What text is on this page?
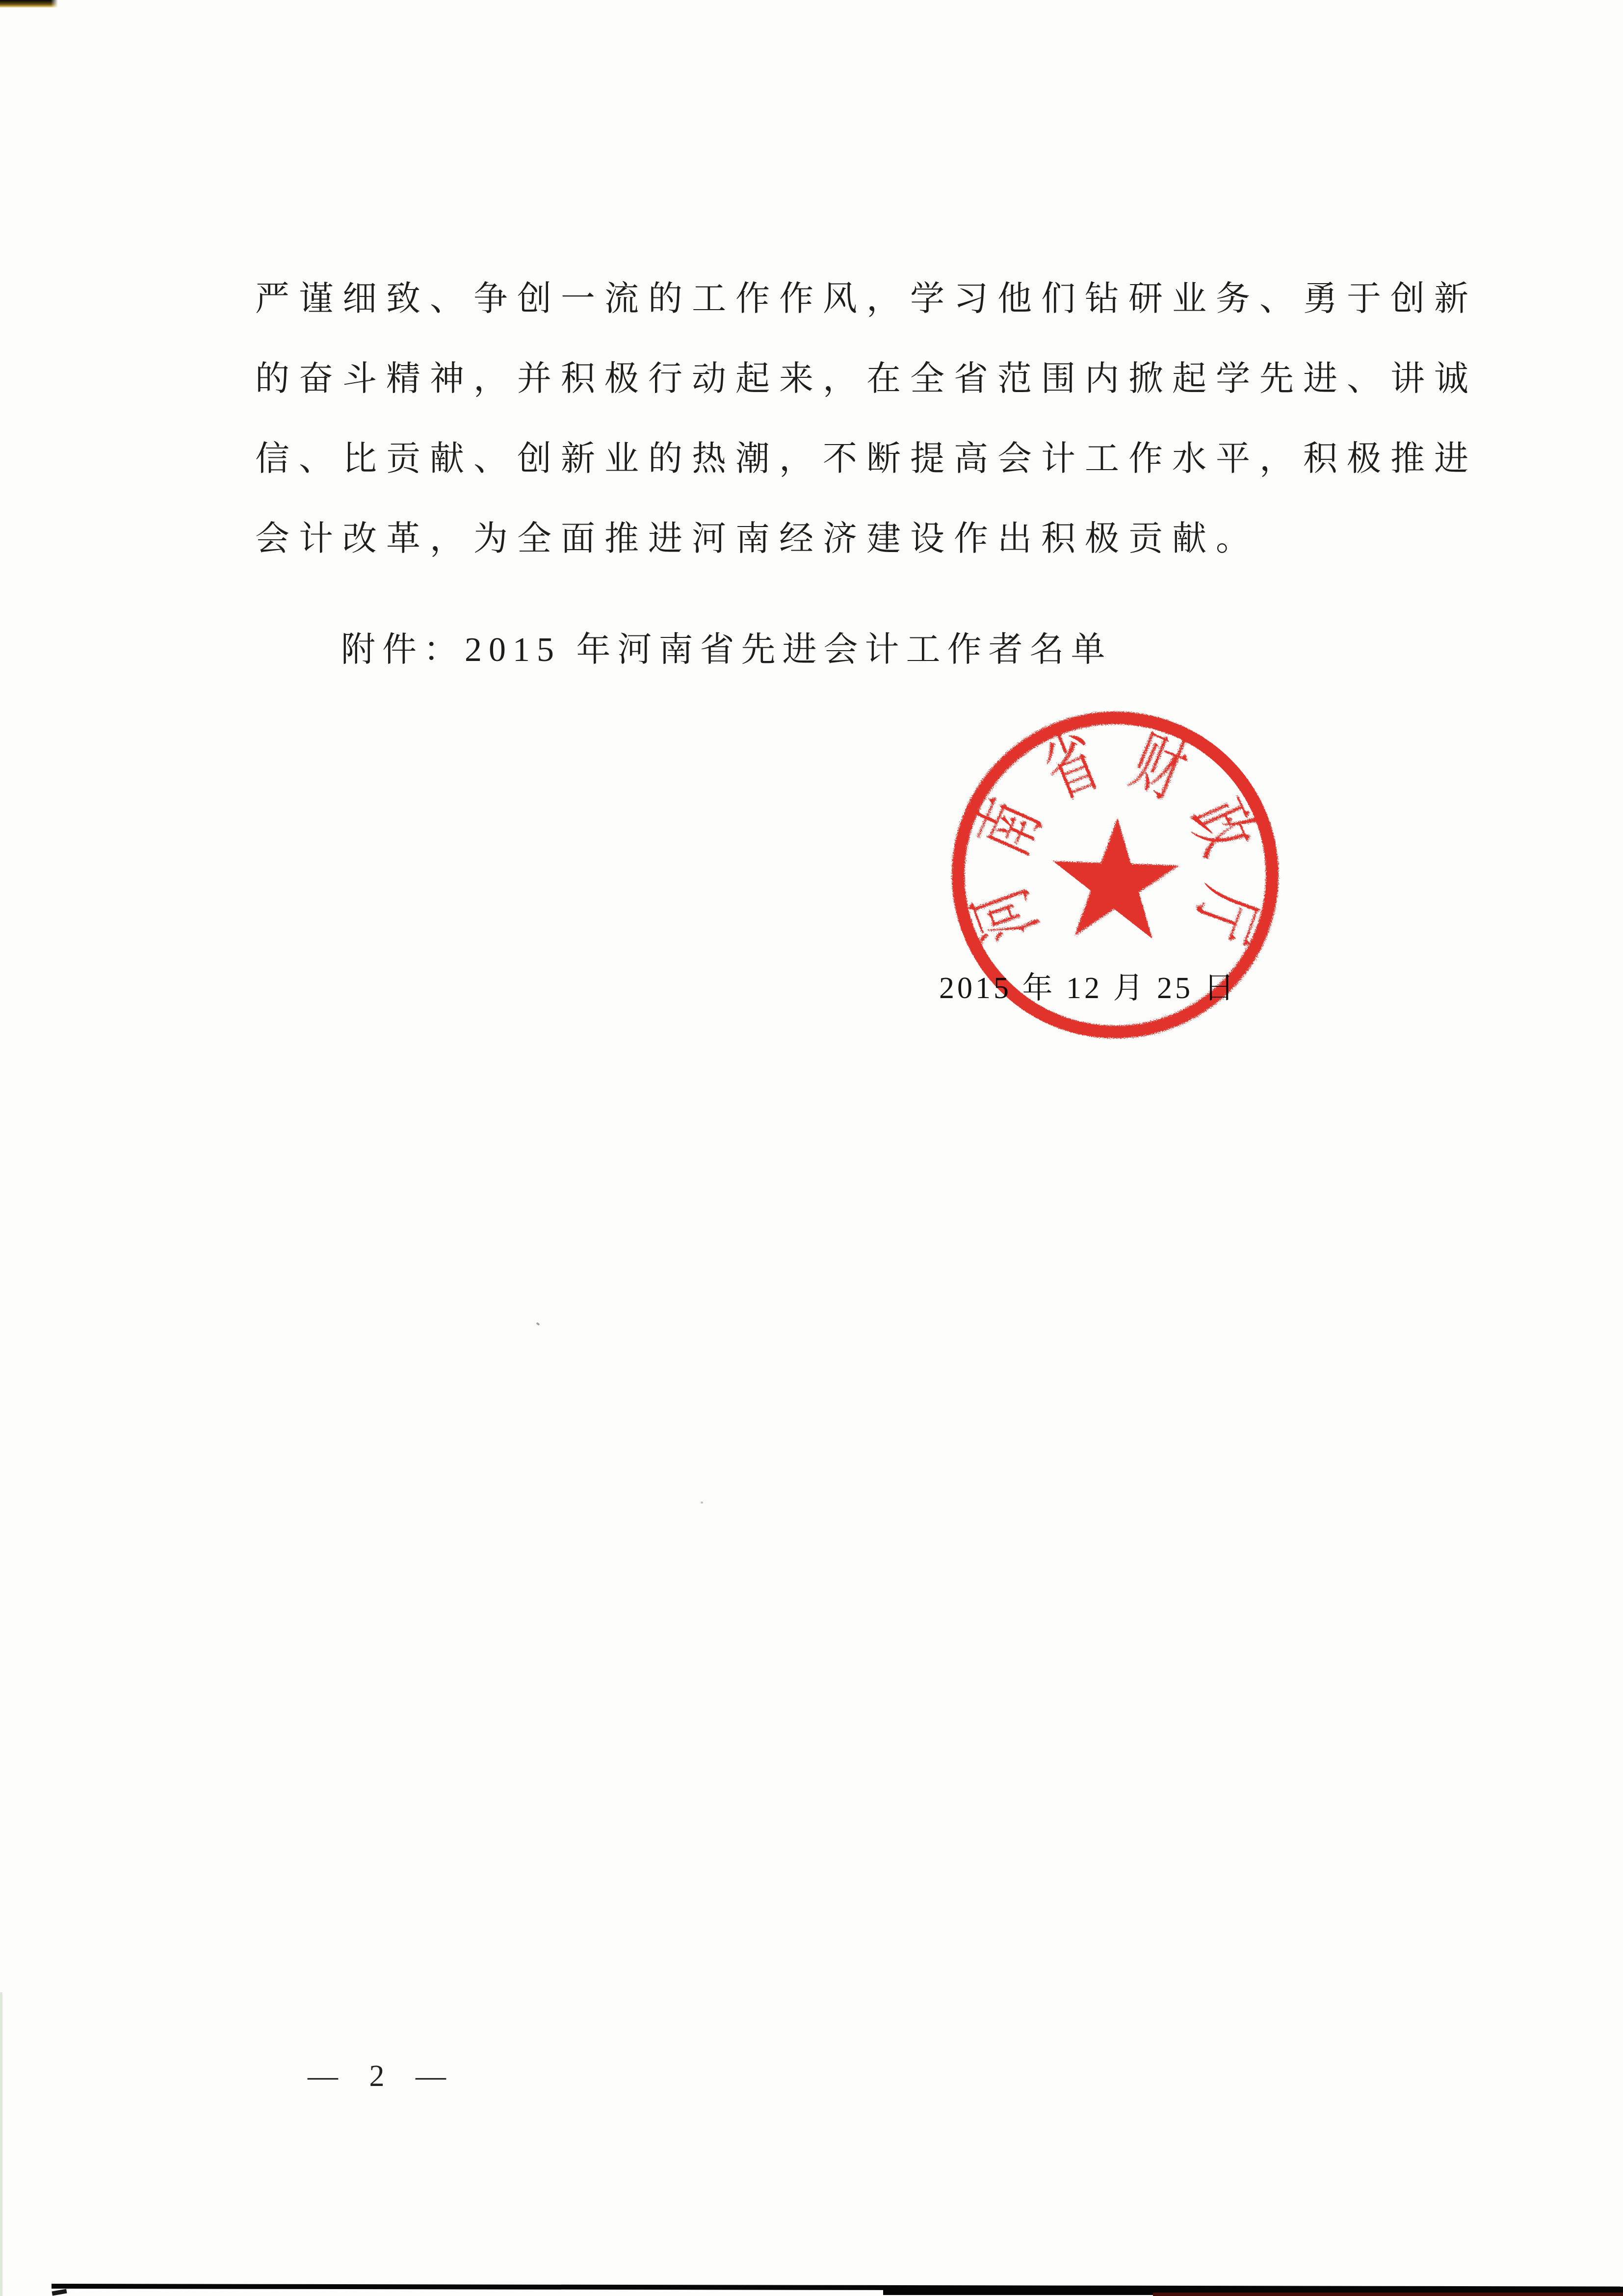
严谨细致、争创一流的工作作风，学习他们钻研业务、勇于创新
的奋斗精神，并积极行动起来，在全省范围内掀起学先进、讲诚
信、比贡献、创新业的热潮，不断提高会计工作水平，积极推进
会计改革，为全面推进河南经济建设作出积极贡献。
附件：2015 年河南省先进会计工作者名单
2015 年 12 月 25 日
河
南
省 财
政
厅
— 2 —
